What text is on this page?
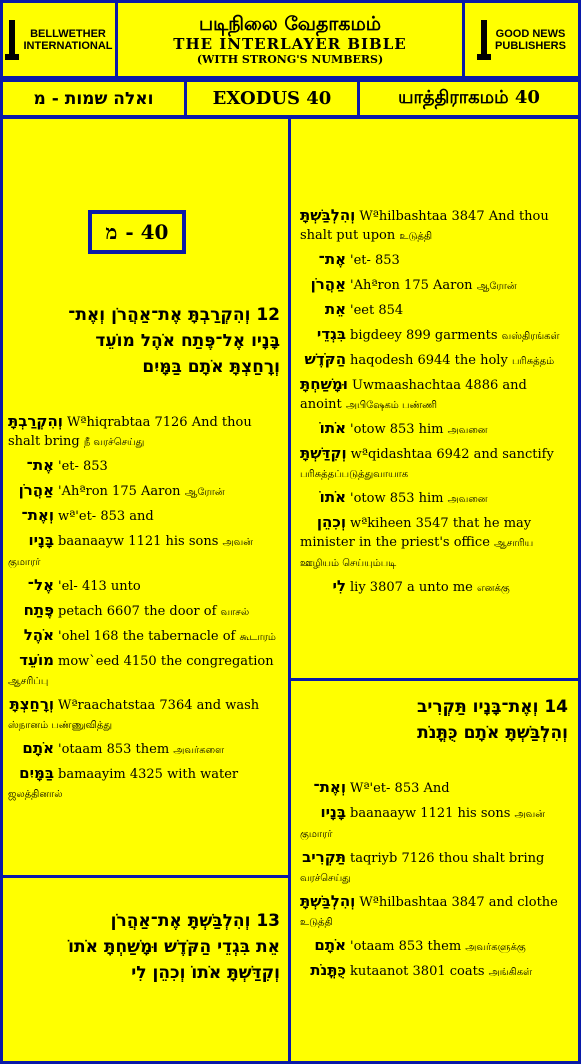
BELLWETHER
INTERNATIONAL
படிநிலை வேதாகமம்
THE INTERLAYER BIBLE
(WITH STRONG'S NUMBERS)
GOOD NEWS
PUBLISHERS
ואלה שמות - מ	EXODUS 40	யாத்திராகமம் 40
מ - 40
12 וְהִקְרַבְתָּ אֶת־אַהֲרֹן וְאֶת־
בָּנָיו אֶל־פֶּתַח אֹהֶל מוֹעֵד
וְרָחַצְתָּ אֹתָם בַּמָּיִם
וְהִקְרַבְתָּ Wªhiqrabtaa 7126 And thou shalt bring நீ வரச்செய்து
אֶת־ 'et- 853
אַהֲרֹן 'Ahªron 175 Aaron ஆரோன்
וְאֶת־ wª'et- 853 and
בָּנָיו baanaayw 1121 his sons அவன் குமாரர்
אֶל־ 'el- 413 unto
פֶּתַח petach 6607 the door of வாசல்
אֹהֶל 'ohel 168 the tabernacle of கூடாரம்
מוֹעֵד mow`eed 4150 the congregation ஆசரிப்பு
וְרָחַצְתָּ Wªraachatstaa 7364 and wash ஸ்நானம் பண்ணுவித்து
אֹתָם 'otaam 853 them அவர்களை
בַּמָּיִם bamaayim 4325 with water ஜலத்தினால்
13 וְהִלְבַּשְׁתָּ אֶת־אַהֲרֹן
אֵת בִּגְדֵי הַקֹּדֶשׁ וּמָשַׁחְתָּ אֹתוֹ
וְקִדַּשְׁתָּ אֹתוֹ וְכִהֵן לִי
וְהִלְבַּשְׁתָּ Wªhilbashtaa 3847 And thou shalt put upon உடுத்தி
אֶת־ 'et- 853
אַהֲרֹן 'Ahªron 175 Aaron ஆரோன்
אֵת 'eet 854
בִּגְדֵי bigdeey 899 garments வஸ்திரங்கள்
הַקֹּדֶשׁ haqodesh 6944 the holy பரிசுத்தம்
וּמָשַׁחְתָּ Uwmaashachtaa 4886 and anoint அபிஷேகம் பண்ணி
אֹתוֹ 'otow 853 him அவனை
וְקִדַּשְׁתָּ wªqidashtaa 6942 and sanctify பரிசுத்தப்படுத்துவாயாக
אֹתוֹ 'otow 853 him அவனை
וְכִהֵן wªkiheen 3547 that he may minister in the priest's office ஆசாரிய ஊழியம் செய்யும்படி
לִי liy 3807 a unto me எனக்கு
14 וְאֶת־בָּנָיו תַּקְרִיב
וְהִלְבַּשְׁתָּ אֹתָם כֻּתֳּנֹת
וְאֶת־ Wª'et- 853 And
בָּנָיו baanaayw 1121 his sons அவன் குமாரர்
תַּקְרִיב taqriyb 7126 thou shalt bring வரச்செய்து
וְהִלְבַּשְׁתָּ Wªhilbashtaa 3847 and clothe உடுத்தி
אֹתָם 'otaam 853 them அவர்களுக்கு
כֻּתֳּנֹת kutaanot 3801 coats அங்கிகள்
